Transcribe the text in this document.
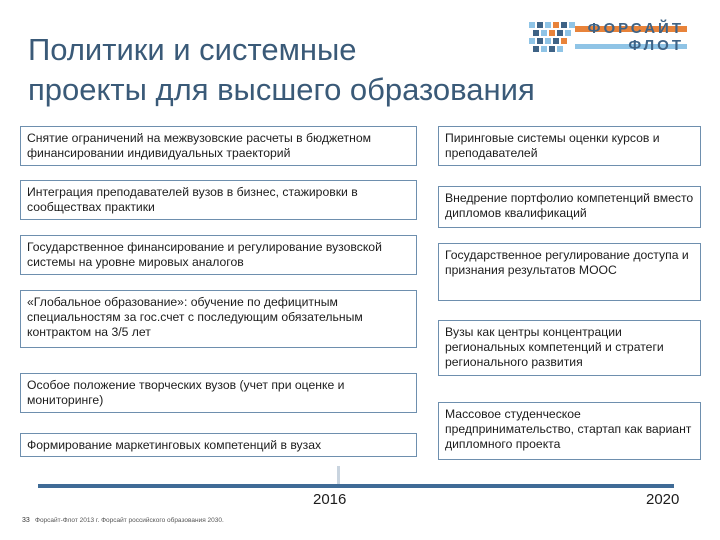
Политики и системные
проекты для высшего образования
ФОРСАЙТ
ФЛОТ
Снятие ограничений на межвузовские расчеты в бюджетном финансировании индивидуальных траекторий
Интеграция преподавателей вузов в бизнес, стажировки в сообществах практики
Государственное финансирование и регулирование вузовской системы на уровне мировых аналогов
«Глобальное образование»: обучение по дефицитным специальностям за гос.счет с последующим обязательным контрактом на 3/5 лет
Особое положение творческих вузов (учет при оценке и мониторинге)
Формирование маркетинговых компетенций в вузах
Пиринговые системы оценки курсов и преподавателей
Внедрение портфолио компетенций вместо дипломов квалификаций
Государственное регулирование доступа и признания результатов МООС
Вузы как центры концентрации региональных компетенций и стратеги регионального развития
Массовое студенческое предпринимательство, стартап как вариант дипломного проекта
2016	2020
33 Форсайт-Флот 2013 г. Форсайт российского образования 2030.
